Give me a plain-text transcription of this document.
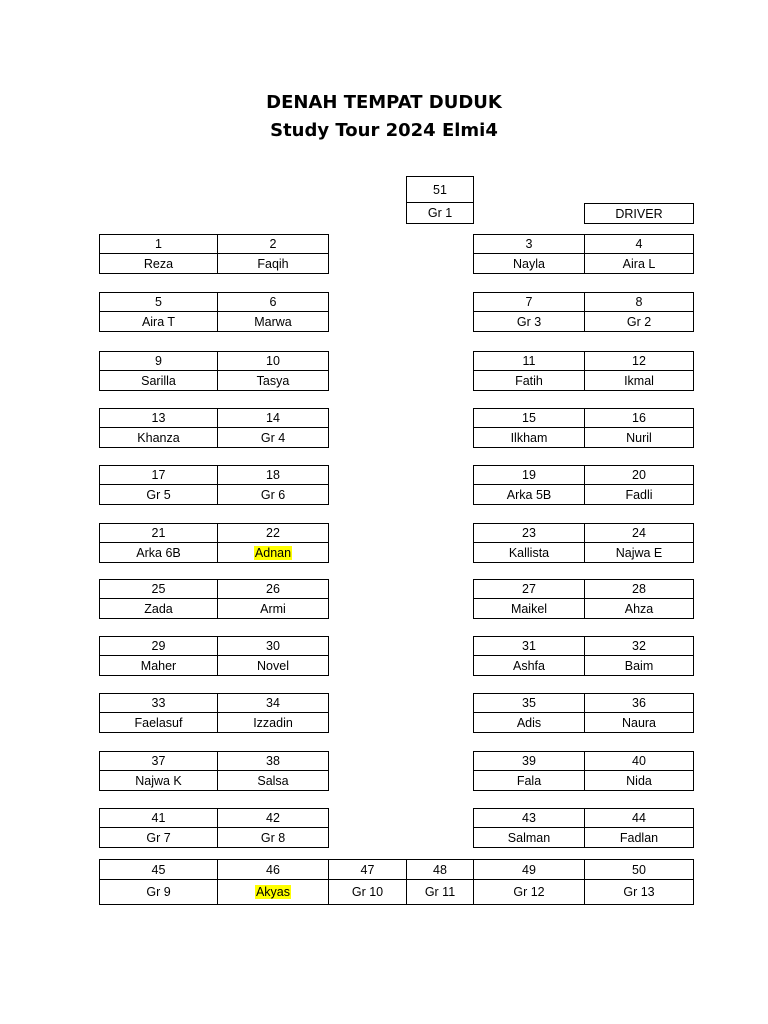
DENAH TEMPAT DUDUK
Study Tour 2024 Elmi4
51
Gr 1	DRIVER
1
Reza
2
Faqih
3
Nayla
4
Aira L
5
Aira T
6
Marwa
7
Gr 3
8
Gr 2
9
Sarilla
10
Tasya
11
Fatih
12
Ikmal
13
Khanza
14
Gr 4
15
Ilkham
16
Nuril
17
Gr 5
18
Gr 6
19
Arka 5B
20
Fadli
21
Arka 6B
22
Adnan
23
Kallista
24
Najwa E
25
Zada
26
Armi
27
Maikel
28
Ahza
29
Maher
30
Novel
31
Ashfa
32
Baim
33
Faelasuf
34
Izzadin
35
Adis
36
Naura
37
Najwa K
38
Salsa
39
Fala
40
Nida
41
Gr 7
42
Gr 8
43
Salman
44
Fadlan
45
Gr 9
46
Akyas
47
Gr 10
48
Gr 11
49
Gr 12
50
Gr 13
